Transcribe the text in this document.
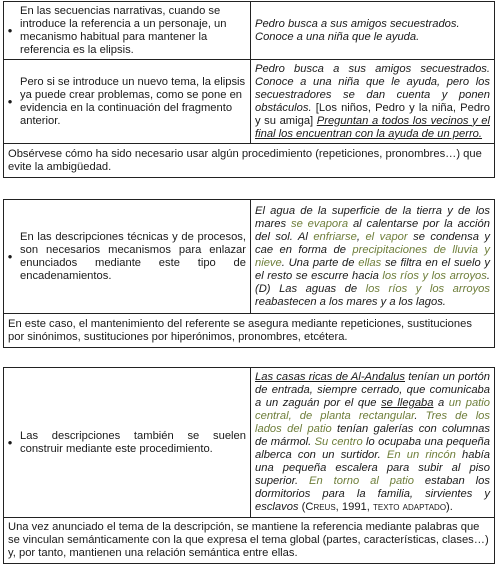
•	En las secuencias narrativas, cuando se introduce la referencia a un personaje, un mecanismo habitual para mantener la referencia es la elipsis.	Pedro busca a sus amigos secuestrados.
Conoce a una niña que le ayuda.
•	Pero si se introduce un nuevo tema, la elipsis ya puede crear problemas, como se pone en evidencia en la continuación del fragmento anterior.	Pedro busca a sus amigos secuestrados. Conoce a una niña que le ayuda, pero los secuestradores se dan cuenta y ponen obstáculos. [Los niños, Pedro y la niña, Pedro y su amiga] Preguntan a todos los vecinos y el final los encuentran con la ayuda de un perro.
Obsérvese cómo ha sido necesario usar algún procedimiento (repeticiones, pronombres…) que evite la ambigüedad.		
•	En las descripciones técnicas y de procesos, son necesarios mecanismos para enlazar enunciados mediante este tipo de encadenamientos.	El agua de la superficie de la tierra y de los mares se evapora al calentarse por la acción del sol. Al enfriarse, el vapor se condensa y cae en forma de precipitaciones de lluvia y nieve. Una parte de ellas se filtra en el suelo y el resto se escurre hacia los ríos y los arroyos. (D) Las aguas de los ríos y los arroyos reabastecen a los mares y a los lagos.
En este caso, el mantenimiento del referente se asegura mediante repeticiones, sustituciones por sinónimos, sustituciones por hiperónimos, pronombres, etcétera.
•	Las descripciones también se suelen construir mediante este procedimiento.	Las casas ricas de Al-Andalus tenían un portón de entrada, siempre cerrado, que comunicaba a un zaguán por el que se llegaba a un patio central, de planta rectangular. Tres de los lados del patio tenían galerías con columnas de mármol. Su centro lo ocupaba una pequeña alberca con un surtidor. En un rincón había una pequeña escalera para subir al piso superior. En torno al patio estaban los dormitorios para la familia, sirvientes y esclavos (Creus, 1991, texto adaptado).
Una vez anunciado el tema de la descripción, se mantiene la referencia mediante palabras que se vinculan semánticamente con la que expresa el tema global (partes, características, clases…) y, por tanto, mantienen una relación semántica entre ellas.
